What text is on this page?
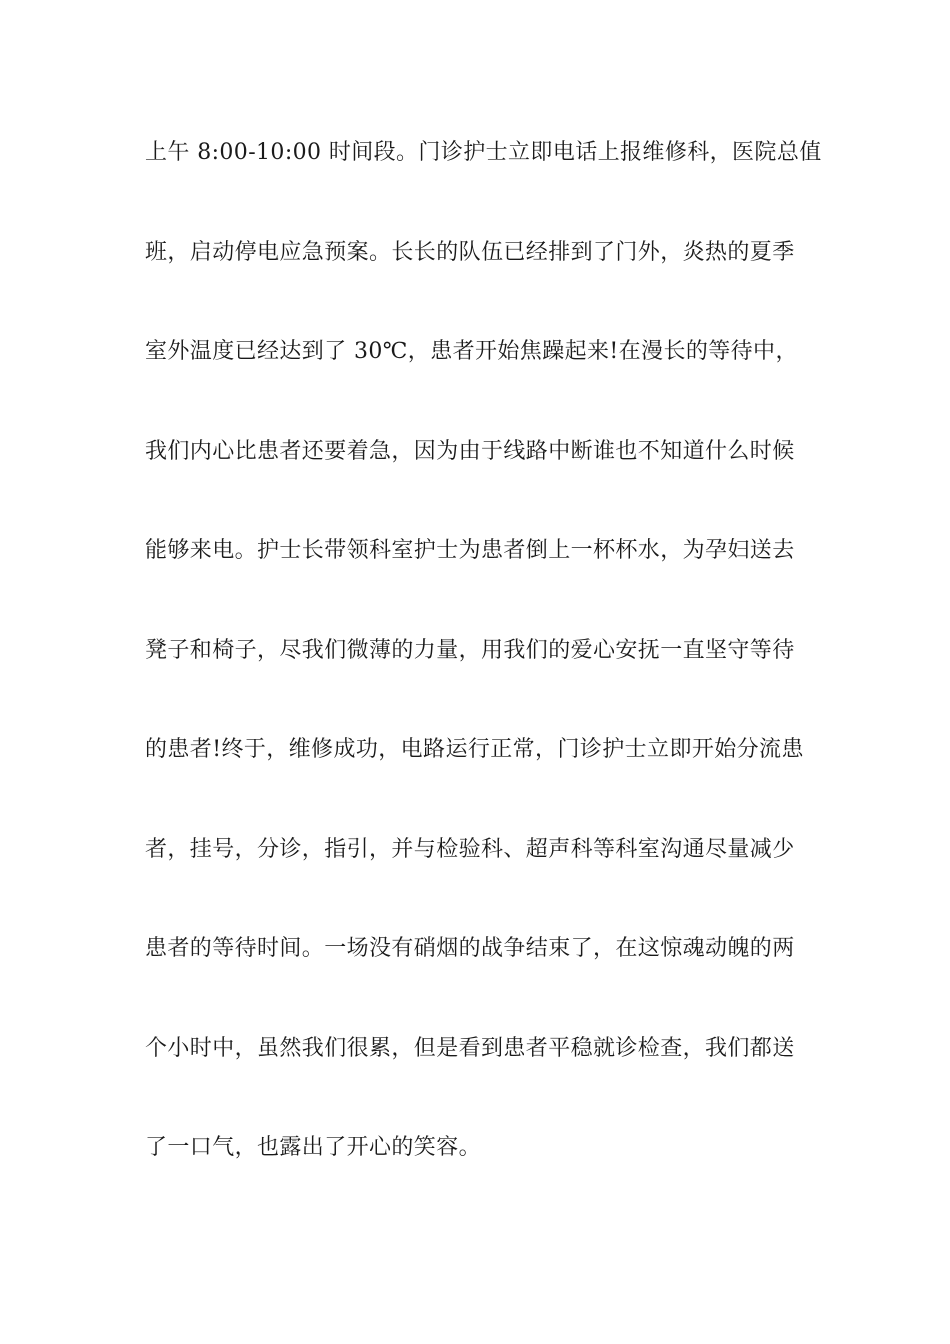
上午 8:00-10:00 时间段。门诊护士立即电话上报维修科，医院总值
班，启动停电应急预案。长长的队伍已经排到了门外，炎热的夏季
室外温度已经达到了 30℃，患者开始焦躁起来!在漫长的等待中，
我们内心比患者还要着急，因为由于线路中断谁也不知道什么时候
能够来电。护士长带领科室护士为患者倒上一杯杯水，为孕妇送去
凳子和椅子，尽我们微薄的力量，用我们的爱心安抚一直坚守等待
的患者!终于，维修成功，电路运行正常，门诊护士立即开始分流患
者，挂号，分诊，指引，并与检验科、超声科等科室沟通尽量减少
患者的等待时间。一场没有硝烟的战争结束了，在这惊魂动魄的两
个小时中，虽然我们很累，但是看到患者平稳就诊检查，我们都送
了一口气，也露出了开心的笑容。
